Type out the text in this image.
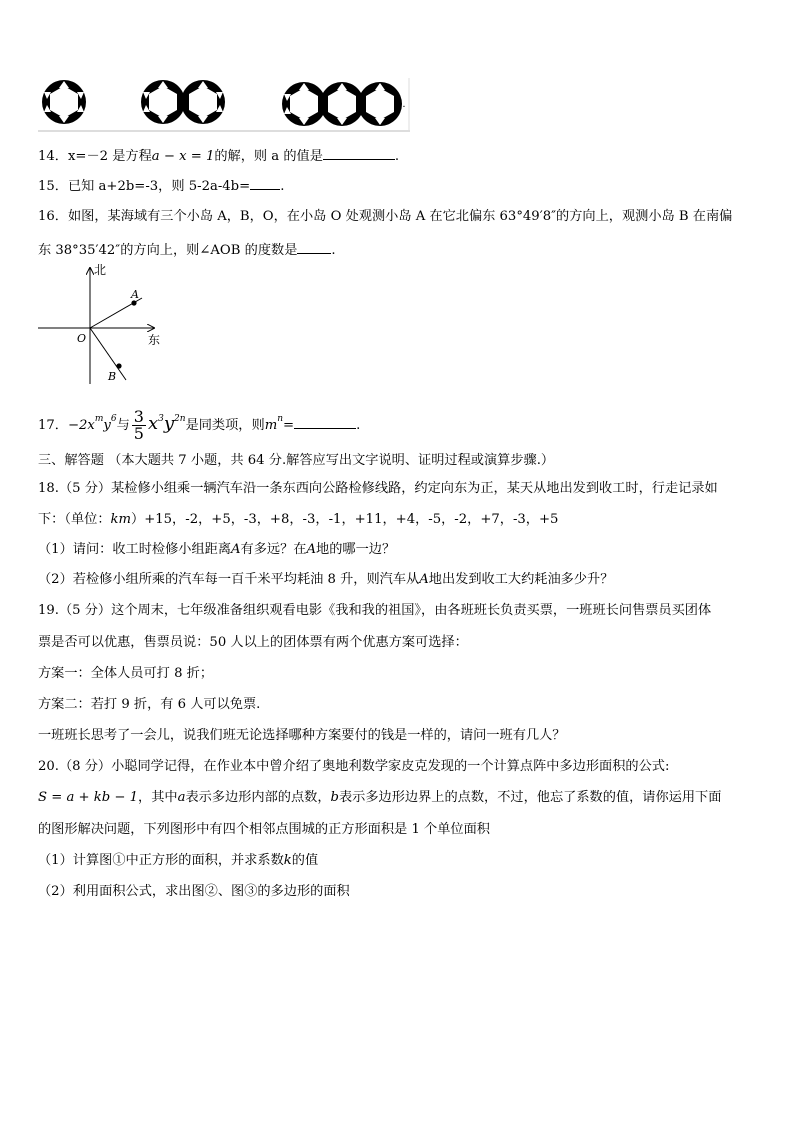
···
14．x=－2 是方程a − x = 1的解，则 a 的值是	.
15．已知 a+2b=-3，则 5-2a-4b= .
16．如图，某海域有三个小岛 A，B，O，在小岛 O 处观测小岛 A 在它北偏东 63°49′8″的方向上，观测小岛 B 在南偏
东 38°35′42″的方向上，则∠AOB 的度数是	.
北
东
O
A
B
17．$-2x^my^6$与 $\frac{3}{5} x^3y^{2n}$是同类项，则$m^n=$	.
三、解答题 （本大题共 7 小题，共 64 分.解答应写出文字说明、证明过程或演算步骤.）
18.（5 分）某检修小组乘一辆汽车沿一条东西向公路检修线路，约定向东为正，某天从地出发到收工时，行走记录如
下：（单位：km）+15，-2，+5，-3，+8，-3，-1，+11，+4，-5，-2，+7，-3，+5
（1）请问：收工时检修小组距离A有多远？在A地的哪一边？
（2）若检修小组所乘的汽车每一百千米平均耗油 8 升，则汽车从A地出发到收工大约耗油多少升？
19.（5 分）这个周末，七年级准备组织观看电影《我和我的祖国》，由各班班长负责买票，一班班长问售票员买团体
票是否可以优惠，售票员说：50 人以上的团体票有两个优惠方案可选择：
方案一：全体人员可打 8 折；
方案二：若打 9 折，有 6 人可以免票.
一班班长思考了一会儿，说我们班无论选择哪种方案要付的钱是一样的，请问一班有几人？
20.（8 分）小聪同学记得，在作业本中曾介绍了奥地利数学家皮克发现的一个计算点阵中多边形面积的公式:
S = a + kb − 1，其中a表示多边形内部的点数，b表示多边形边界上的点数，不过，他忘了系数的值，请你运用下面
的图形解决问题，下列图形中有四个相邻点围城的正方形面积是 1 个单位面积
（1）计算图①中正方形的面积，并求系数k的值
（2）利用面积公式，求出图②、图③的多边形的面积
